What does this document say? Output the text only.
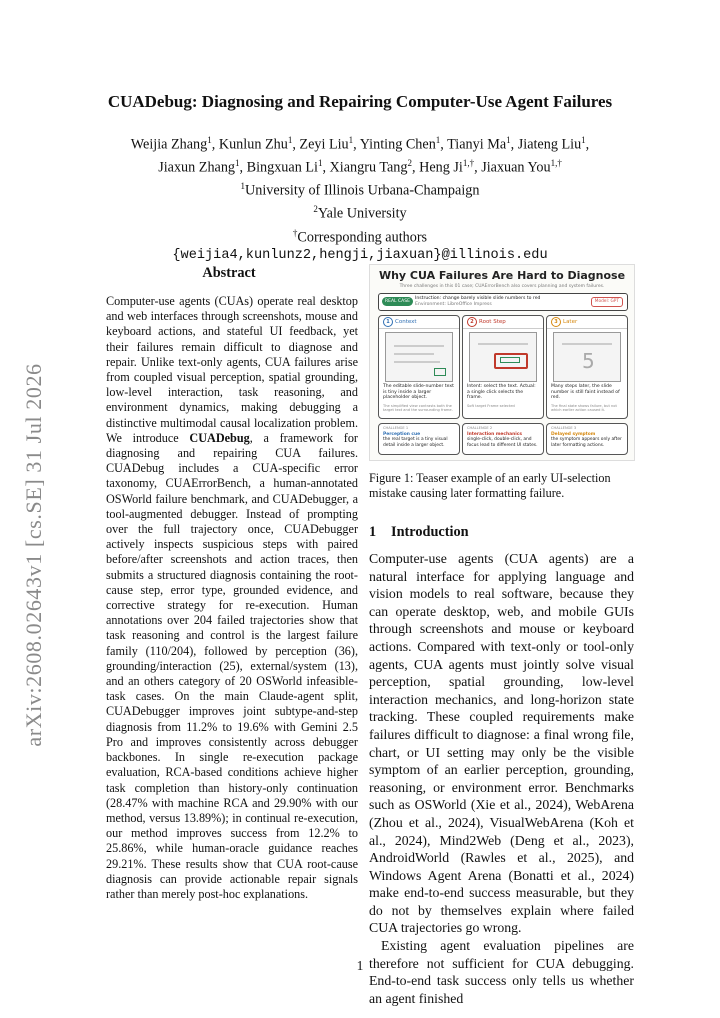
arXiv:2608.02643v1 [cs.SE] 31 Jul 2026
CUADebug: Diagnosing and Repairing Computer-Use Agent Failures
Weijia Zhang$^1$, Kunlun Zhu$^1$, Zeyi Liu$^1$, Yinting Chen$^1$, Tianyi Ma$^1$, Jiateng Liu$^1$,
Jiaxun Zhang$^1$, Bingxuan Li$^1$, Xiangru Tang$^2$, Heng $Ji^{1,\dagger}$, Jiaxuan You$^{1,\dagger}$
$^1$University of Illinois Urbana-Champaign
$^2$Yale University
†Corresponding authors
{weijia4,kunlunz2,hengji,jiaxuan}@illinois.edu
Abstract
Computer-use agents (CUAs) operate real desktop and web interfaces through screenshots, mouse and keyboard actions, and stateful UI feedback, yet their failures remain difficult to diagnose and repair. Unlike text-only agents, CUA failures arise from coupled visual perception, spatial grounding, low-level interaction, task reasoning, and environment dynamics, making debugging a distinctive multimodal causal localization problem. We introduce CUADebug, a framework for diagnosing and repairing CUA failures. CUADebug includes a CUA-specific error taxonomy, CUAErrorBench, a human-annotated OSWorld failure benchmark, and CUADebugger, a tool-augmented debugger. Instead of prompting over the full trajectory once, CUADebugger actively inspects suspicious steps with paired before/after screenshots and action traces, then submits a structured diagnosis containing the root-cause step, error type, grounded evidence, and corrective strategy for re-execution. Human annotations over 204 failed trajectories show that task reasoning and control is the largest failure family (110/204), followed by perception (36), grounding/interaction (25), external/system (13), and an others category of 20 OSWorld infeasible-task cases. On the main Claude-agent split, CUADebugger improves joint subtype-and-step diagnosis from 11.2% to 19.6% with Gemini 2.5 Pro and improves consistently across debugger backbones. In single re-execution package evaluation, RCA-based conditions achieve higher task completion than history-only continuation (28.47% with machine RCA and 29.90% with our method, versus 13.89%); in continual re-execution, our method improves success from 12.2% to 25.86%, while human-oracle guidance reaches 29.21%. These results show that CUA root-cause diagnosis can provide actionable repair signals rather than merely post-hoc explanations.
Why CUA Failures Are Hard to Diagnose
Three challenges in this 01 case; CUAErrorBench also covers planning and system failures.
REAL CASE
Instruction: change barely visible slide numbers to red
Environment: LibreOffice Impress
Model: GPT
1 Context
The editable slide-number text is tiny inside a larger placeholder object.
The simplified view contrasts both the target text and the surrounding frame.
2 Root Step
Intent: select the text. Actual: a single click selects the frame.
Soft target Frame selected
3 Later
5
Many steps later, the slide number is still faint instead of red.
The final state shows failure, but not which earlier action caused it.
CHALLENGE 1
Perception cue
the real target is a tiny visual detail inside a larger object.
CHALLENGE 2
Interaction mechanics
single-click, double-click, and focus lead to different UI states.
CHALLENGE 3
Delayed symptom
the symptom appears only after later formatting actions.
Figure 1: Teaser example of an early UI-selection mistake causing later formatting failure.
1 Introduction

Computer-use agents (CUA agents) are a natural interface for applying language and vision models to real software, because they can operate desktop, web, and mobile GUIs through screenshots and mouse or keyboard actions. Compared with text-only or tool-only agents, CUA agents must jointly solve visual perception, spatial grounding, low-level interaction mechanics, and long-horizon state tracking. These coupled requirements make failures difficult to diagnose: a final wrong file, chart, or UI setting may only be the visible symptom of an earlier perception, grounding, reasoning, or environment error. Benchmarks such as OSWorld (Xie et al., 2024), WebArena (Zhou et al., 2024), VisualWebArena (Koh et al., 2024), Mind2Web (Deng et al., 2023), AndroidWorld (Rawles et al., 2025), and Windows Agent Arena (Bonatti et al., 2024) make end-to-end success measurable, but they do not by themselves explain where failed CUA trajectories go wrong.

Existing agent evaluation pipelines are therefore not sufficient for CUA debugging. End-to-end task success only tells us whether an agent finished

1
